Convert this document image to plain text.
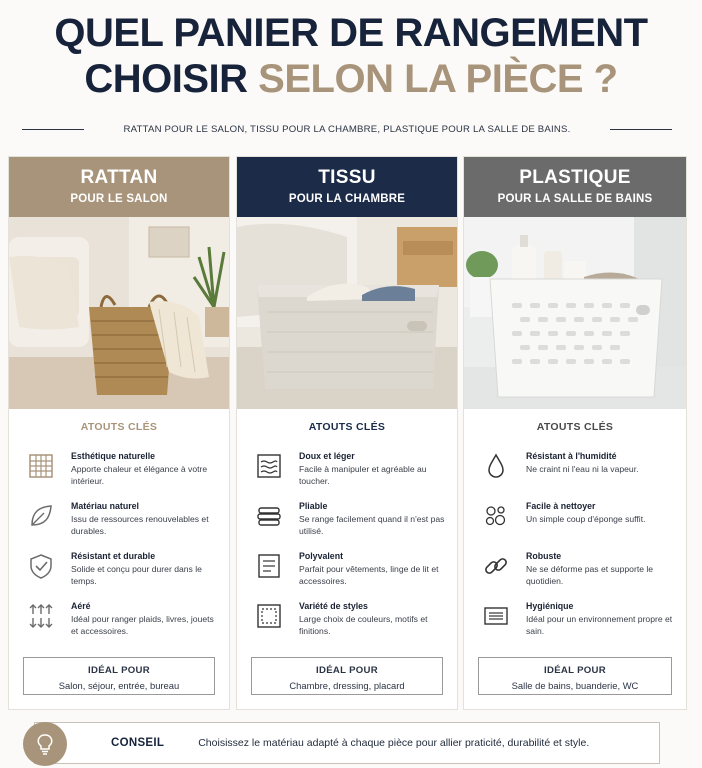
QUEL PANIER DE RANGEMENT
CHOISIR SELON LA PIÈCE ?
RATTAN POUR LE SALON, TISSU POUR LA CHAMBRE, PLASTIQUE POUR LA SALLE DE BAINS.
RATTAN
POUR LE SALON
ATOUTS CLÉS
Esthétique naturelle
Apporte chaleur et élégance à votre intérieur.
Matériau naturel
Issu de ressources renouvelables et durables.
Résistant et durable
Solide et conçu pour durer dans le temps.
Aéré
Idéal pour ranger plaids, livres, jouets et accessoires.
IDÉAL POUR
Salon, séjour, entrée, bureau
TISSU
POUR LA CHAMBRE
ATOUTS CLÉS
Doux et léger
Facile à manipuler et agréable au toucher.
Pliable
Se range facilement quand il n'est pas utilisé.
Polyvalent
Parfait pour vêtements, linge de lit et accessoires.
Variété de styles
Large choix de couleurs, motifs et finitions.
IDÉAL POUR
Chambre, dressing, placard
PLASTIQUE
POUR LA SALLE DE BAINS
ATOUTS CLÉS
Résistant à l'humidité
Ne craint ni l'eau ni la vapeur.
Facile à nettoyer
Un simple coup d'éponge suffit.
Robuste
Ne se déforme pas et supporte le quotidien.
Hygiénique
Idéal pour un environnement propre et sain.
IDÉAL POUR
Salle de bains, buanderie, WC
CONSEIL	Choisissez le matériau adapté à chaque pièce pour allier praticité, durabilité et style.
